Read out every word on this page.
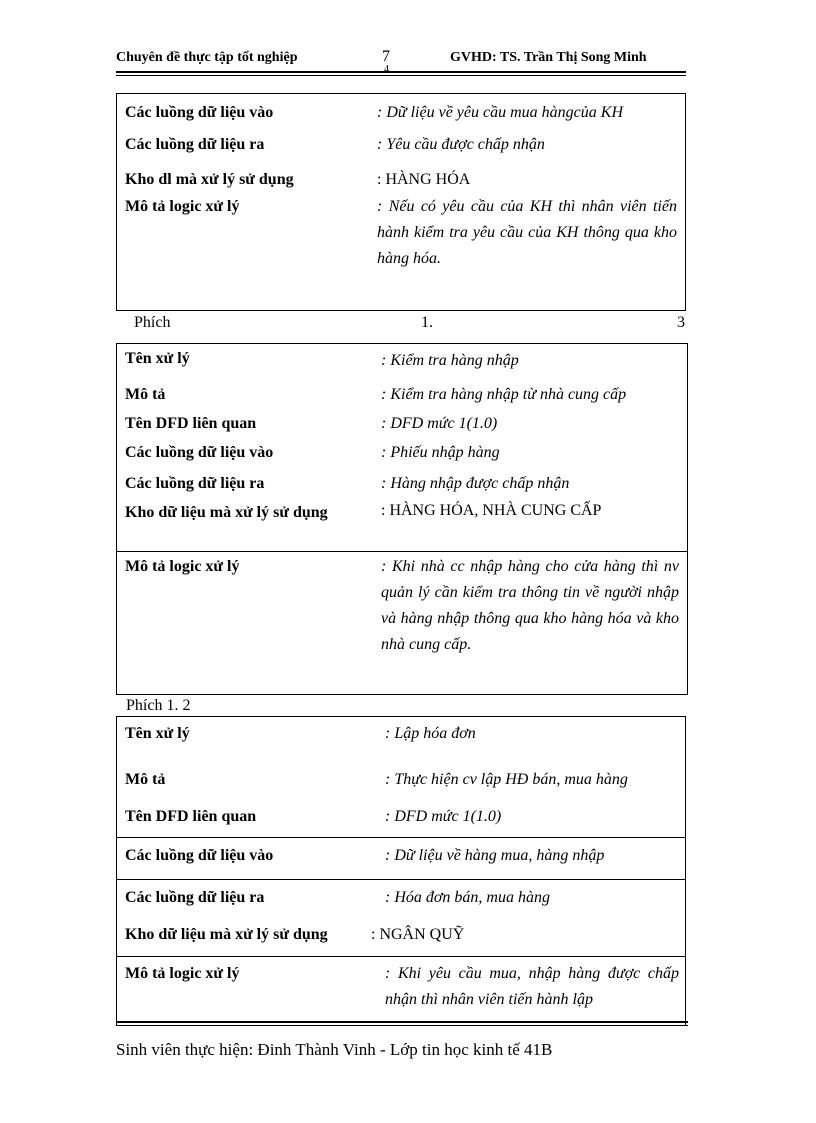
Chuyên đề thực tập tốt nghiệp	7
4
GVHD: TS. Trần Thị Song Minh
Các luồng dữ liệu vào	: Dữ liệu về yêu cầu mua hàngcủa KH
Các luồng dữ liệu ra	: Yêu cầu được chấp nhận
Kho dl mà xử lý sử dụng	: HÀNG HÓA
Mô tả logic xử lý	: Nếu có yêu cầu của KH thì nhân viên tiến hành kiểm tra yêu cầu của KH thông qua kho hàng hóa.
Phích	1.	3
Tên xử lý	: Kiểm tra hàng nhập
Mô tả	: Kiểm tra hàng nhập từ nhà cung cấp
Tên DFD liên quan	: DFD mức 1(1.0)
Các luồng dữ liệu vào	: Phiếu nhập hàng
Các luồng dữ liệu ra	: Hàng nhập được chấp nhận
Kho dữ liệu mà xử lý sử dụng	: HÀNG HÓA, NHÀ CUNG CẤP
Mô tả logic xử lý	: Khi nhà cc nhập hàng cho cửa hàng thì nv quản lý cần kiểm tra thông tin về người nhập và hàng nhập thông qua kho hàng hóa và kho nhà cung cấp.
Phích 1. 2
Tên xử lý	: Lập hóa đơn
Mô tả	: Thực hiện cv lập HĐ bán, mua hàng
Tên DFD liên quan	: DFD mức 1(1.0)
Các luồng dữ liệu vào	: Dữ liệu về hàng mua, hàng nhập
Các luồng dữ liệu ra	: Hóa đơn bán, mua hàng
Kho dữ liệu mà xử lý sử dụng	: NGÂN QUỸ
Mô tả logic xử lý	: Khi yêu cầu mua, nhập hàng được chấp nhận thì nhân viên tiến hành lập
Sinh viên thực hiện: Đinh Thành Vinh - Lớp tin học kinh tế 41B
